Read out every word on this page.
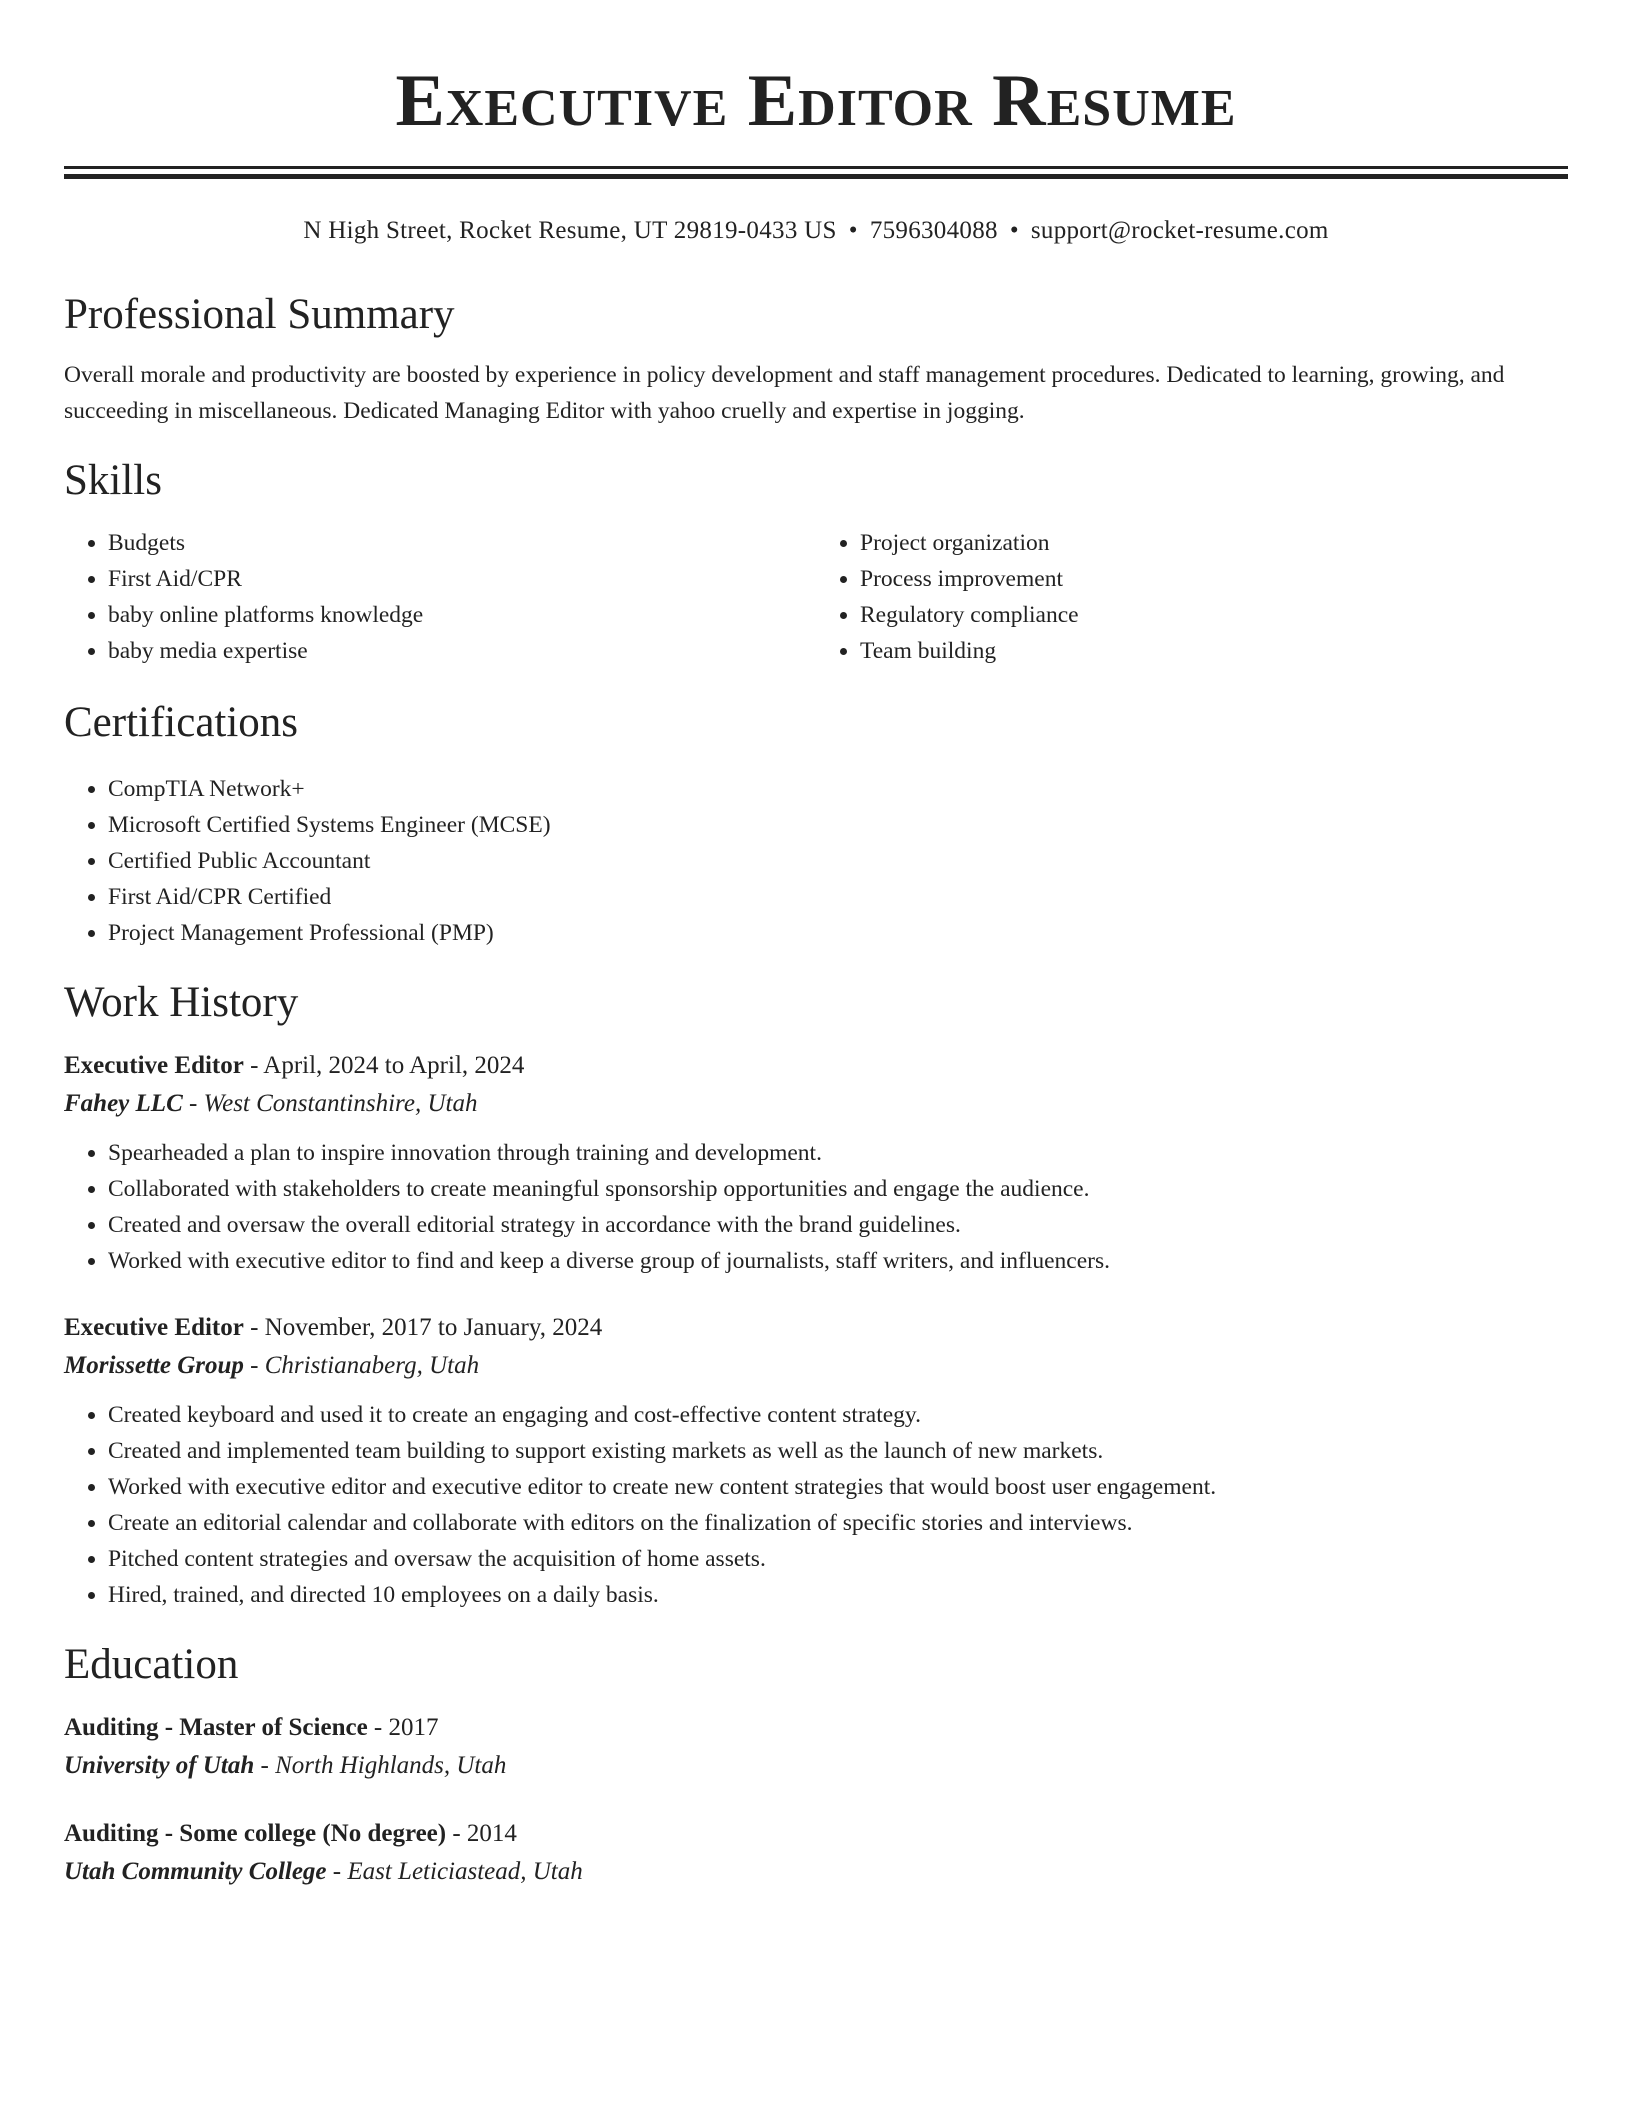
Executive Editor Resume
N High Street, Rocket Resume, UT 29819-0433 US • 7596304088 • support@rocket-resume.com
Professional Summary

Overall morale and productivity are boosted by experience in policy development and staff management procedures. Dedicated to learning, growing, and succeeding in miscellaneous. Dedicated Managing Editor with yahoo cruelly and expertise in jogging.

Skills
• Budgets
• First Aid/CPR
• baby online platforms knowledge
• baby media expertise
• Project organization
• Process improvement
• Regulatory compliance
• Team building
Certifications
• CompTIA Network+
• Microsoft Certified Systems Engineer (MCSE)
• Certified Public Accountant
• First Aid/CPR Certified
• Project Management Professional (PMP)
Work History
Executive Editor - April, 2024 to April, 2024
Fahey LLC - West Constantinshire, Utah
• Spearheaded a plan to inspire innovation through training and development.
• Collaborated with stakeholders to create meaningful sponsorship opportunities and engage the audience.
• Created and oversaw the overall editorial strategy in accordance with the brand guidelines.
• Worked with executive editor to find and keep a diverse group of journalists, staff writers, and influencers.
Executive Editor - November, 2017 to January, 2024
Morissette Group - Christianaberg, Utah
• Created keyboard and used it to create an engaging and cost-effective content strategy.
• Created and implemented team building to support existing markets as well as the launch of new markets.
• Worked with executive editor and executive editor to create new content strategies that would boost user engagement.
• Create an editorial calendar and collaborate with editors on the finalization of specific stories and interviews.
• Pitched content strategies and oversaw the acquisition of home assets.
• Hired, trained, and directed 10 employees on a daily basis.
Education
Auditing - Master of Science - 2017
University of Utah - North Highlands, Utah
Auditing - Some college (No degree) - 2014
Utah Community College - East Leticiastead, Utah
